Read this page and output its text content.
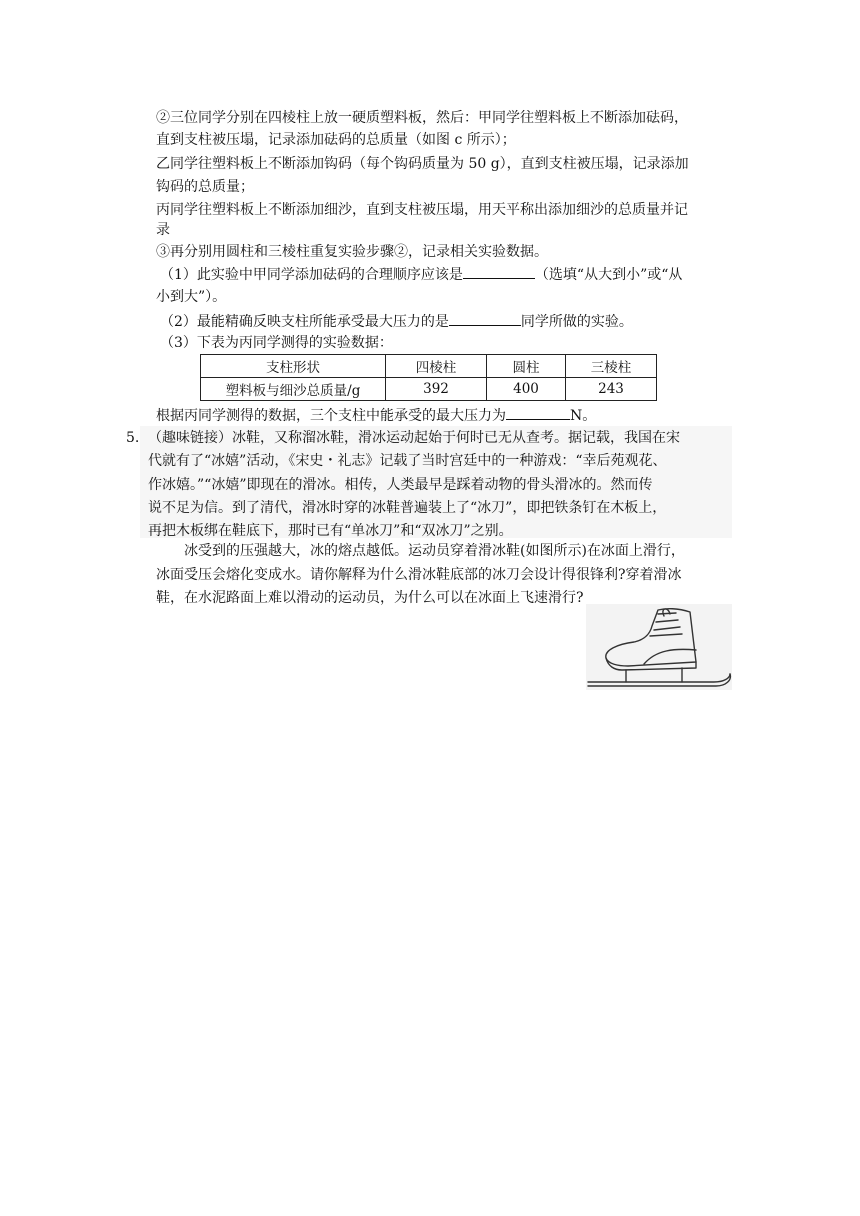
②三位同学分别在四棱柱上放一硬质塑料板，然后：甲同学往塑料板上不断添加砝码，
直到支柱被压塌，记录添加砝码的总质量（如图 c 所示）；
乙同学往塑料板上不断添加钩码（每个钩码质量为 50 g），直到支柱被压塌，记录添加
钩码的总质量；
丙同学往塑料板上不断添加细沙，直到支柱被压塌，用天平称出添加细沙的总质量并记
录
③再分别用圆柱和三棱柱重复实验步骤②，记录相关实验数据。
（1）此实验中甲同学添加砝码的合理顺序应该是	（选填“从大到小”或“从
小到大”）。
（2）最能精确反映支柱所能承受最大压力的是	同学所做的实验。
（3）下表为丙同学测得的实验数据：
支柱形状	四棱柱	圆柱	三棱柱
塑料板与细沙总质量/g	392	400	243
根据丙同学测得的数据，三个支柱中能承受的最大压力为	N。
5. （趣味链接）冰鞋，又称溜冰鞋，滑冰运动起始于何时已无从查考。据记载，我国在宋
代就有了“冰嬉”活动，《宋史・礼志》记载了当时宫廷中的一种游戏：“幸后苑观花、
作冰嬉。”“冰嬉”即现在的滑冰。相传，人类最早是踩着动物的骨头滑冰的。然而传
说不足为信。到了清代，滑冰时穿的冰鞋普遍装上了“冰刀”，即把铁条钉在木板上，
再把木板绑在鞋底下，那时已有“单冰刀”和“双冰刀”之别。
冰受到的压强越大，冰的熔点越低。运动员穿着滑冰鞋(如图所示)在冰面上滑行，
冰面受压会熔化变成水。请你解释为什么滑冰鞋底部的冰刀会设计得很锋利?穿着滑冰
鞋，在水泥路面上难以滑动的运动员，为什么可以在冰面上飞速滑行?
